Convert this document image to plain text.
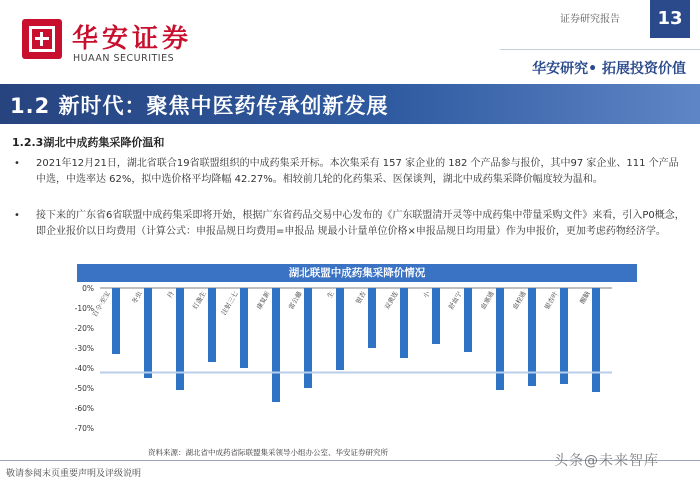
华安证券
HUAAN SECURITIES
证券研究报告	13
华安研究• 拓展投资价值
1.2 新时代：聚焦中医药传承创新发展
1.2.3湖北中成药集采降价温和
• 2021年12月21日，湖北省联合19省联盟组织的中成药集采开标。本次集采有 157 家企业的 182 个产品参与报价，其中97 家企业、111 个产品中选，中选率达 62%，拟中选价格平均降幅 42.27%。相较前几轮的化药集采、医保谈判，湖北中成药集采降价幅度较为温和。
• 接下来的广东省6省联盟中成药集采即将开始，根据广东省药品交易中心发布的《广东联盟清开灵等中成药集中带量采购文件》来看，引入P0概念，即企业报价以日均费用（计算公式：申报品规日均费用=申报品 规最小计量单位价格×申报品规日均用量）作为申报价，更加考虑药物经济学。
湖北联盟中成药集采降价情况
0%
-10%
-20%
-30%
-40%
-50%
-60%
-70%
百令·至宝	冬虫	丹 灯盏生 注射三七 康复新 雷公藤	生	银杏 双黄连	小 舒血宁 血塞通 血栓通 银杏叶	醒脑
资料来源：湖北省中成药省际联盟集采领导小组办公室、华安证券研究所
敬请参阅末页重要声明及评级说明
头条@未来智库
